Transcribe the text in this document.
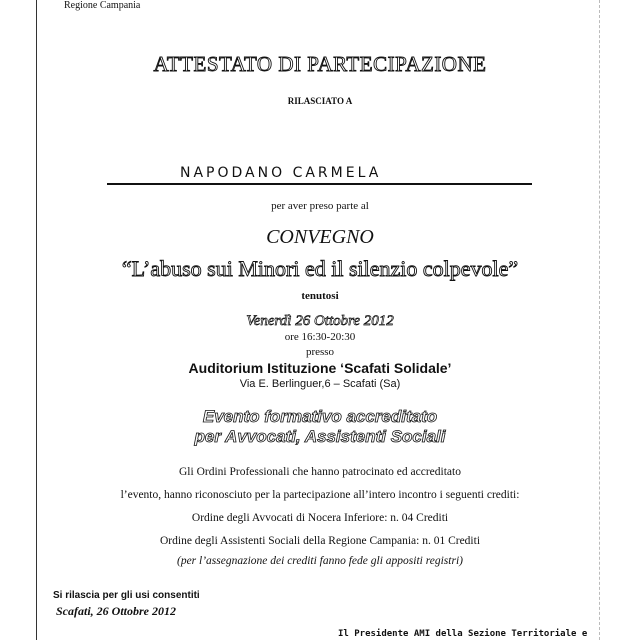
Regione Campania
ATTESTATO DI PARTECIPAZIONE
RILASCIATO A
NAPODANO CARMELA
per aver preso parte al
CONVEGNO
“L’abuso sui Minori ed il silenzio colpevole”
tenutosi
Venerdì 26 Ottobre 2012
ore 16:30-20:30
presso
Auditorium Istituzione ‘Scafati Solidale’
Via E. Berlinguer,6 – Scafati (Sa)
Evento formativo accreditato
per Avvocati, Assistenti Sociali
Gli Ordini Professionali che hanno patrocinato ed accreditato
l’evento, hanno riconosciuto per la partecipazione all’intero incontro i seguenti crediti:
Ordine degli Avvocati di Nocera Inferiore: n. 04 Crediti
Ordine degli Assistenti Sociali della Regione Campania: n. 01 Crediti
(per l’assegnazione dei crediti fanno fede gli appositi registri)
Si rilascia per gli usi consentiti
Scafati, 26 Ottobre 2012
Il Presidente AMI della Sezione Territoriale e
